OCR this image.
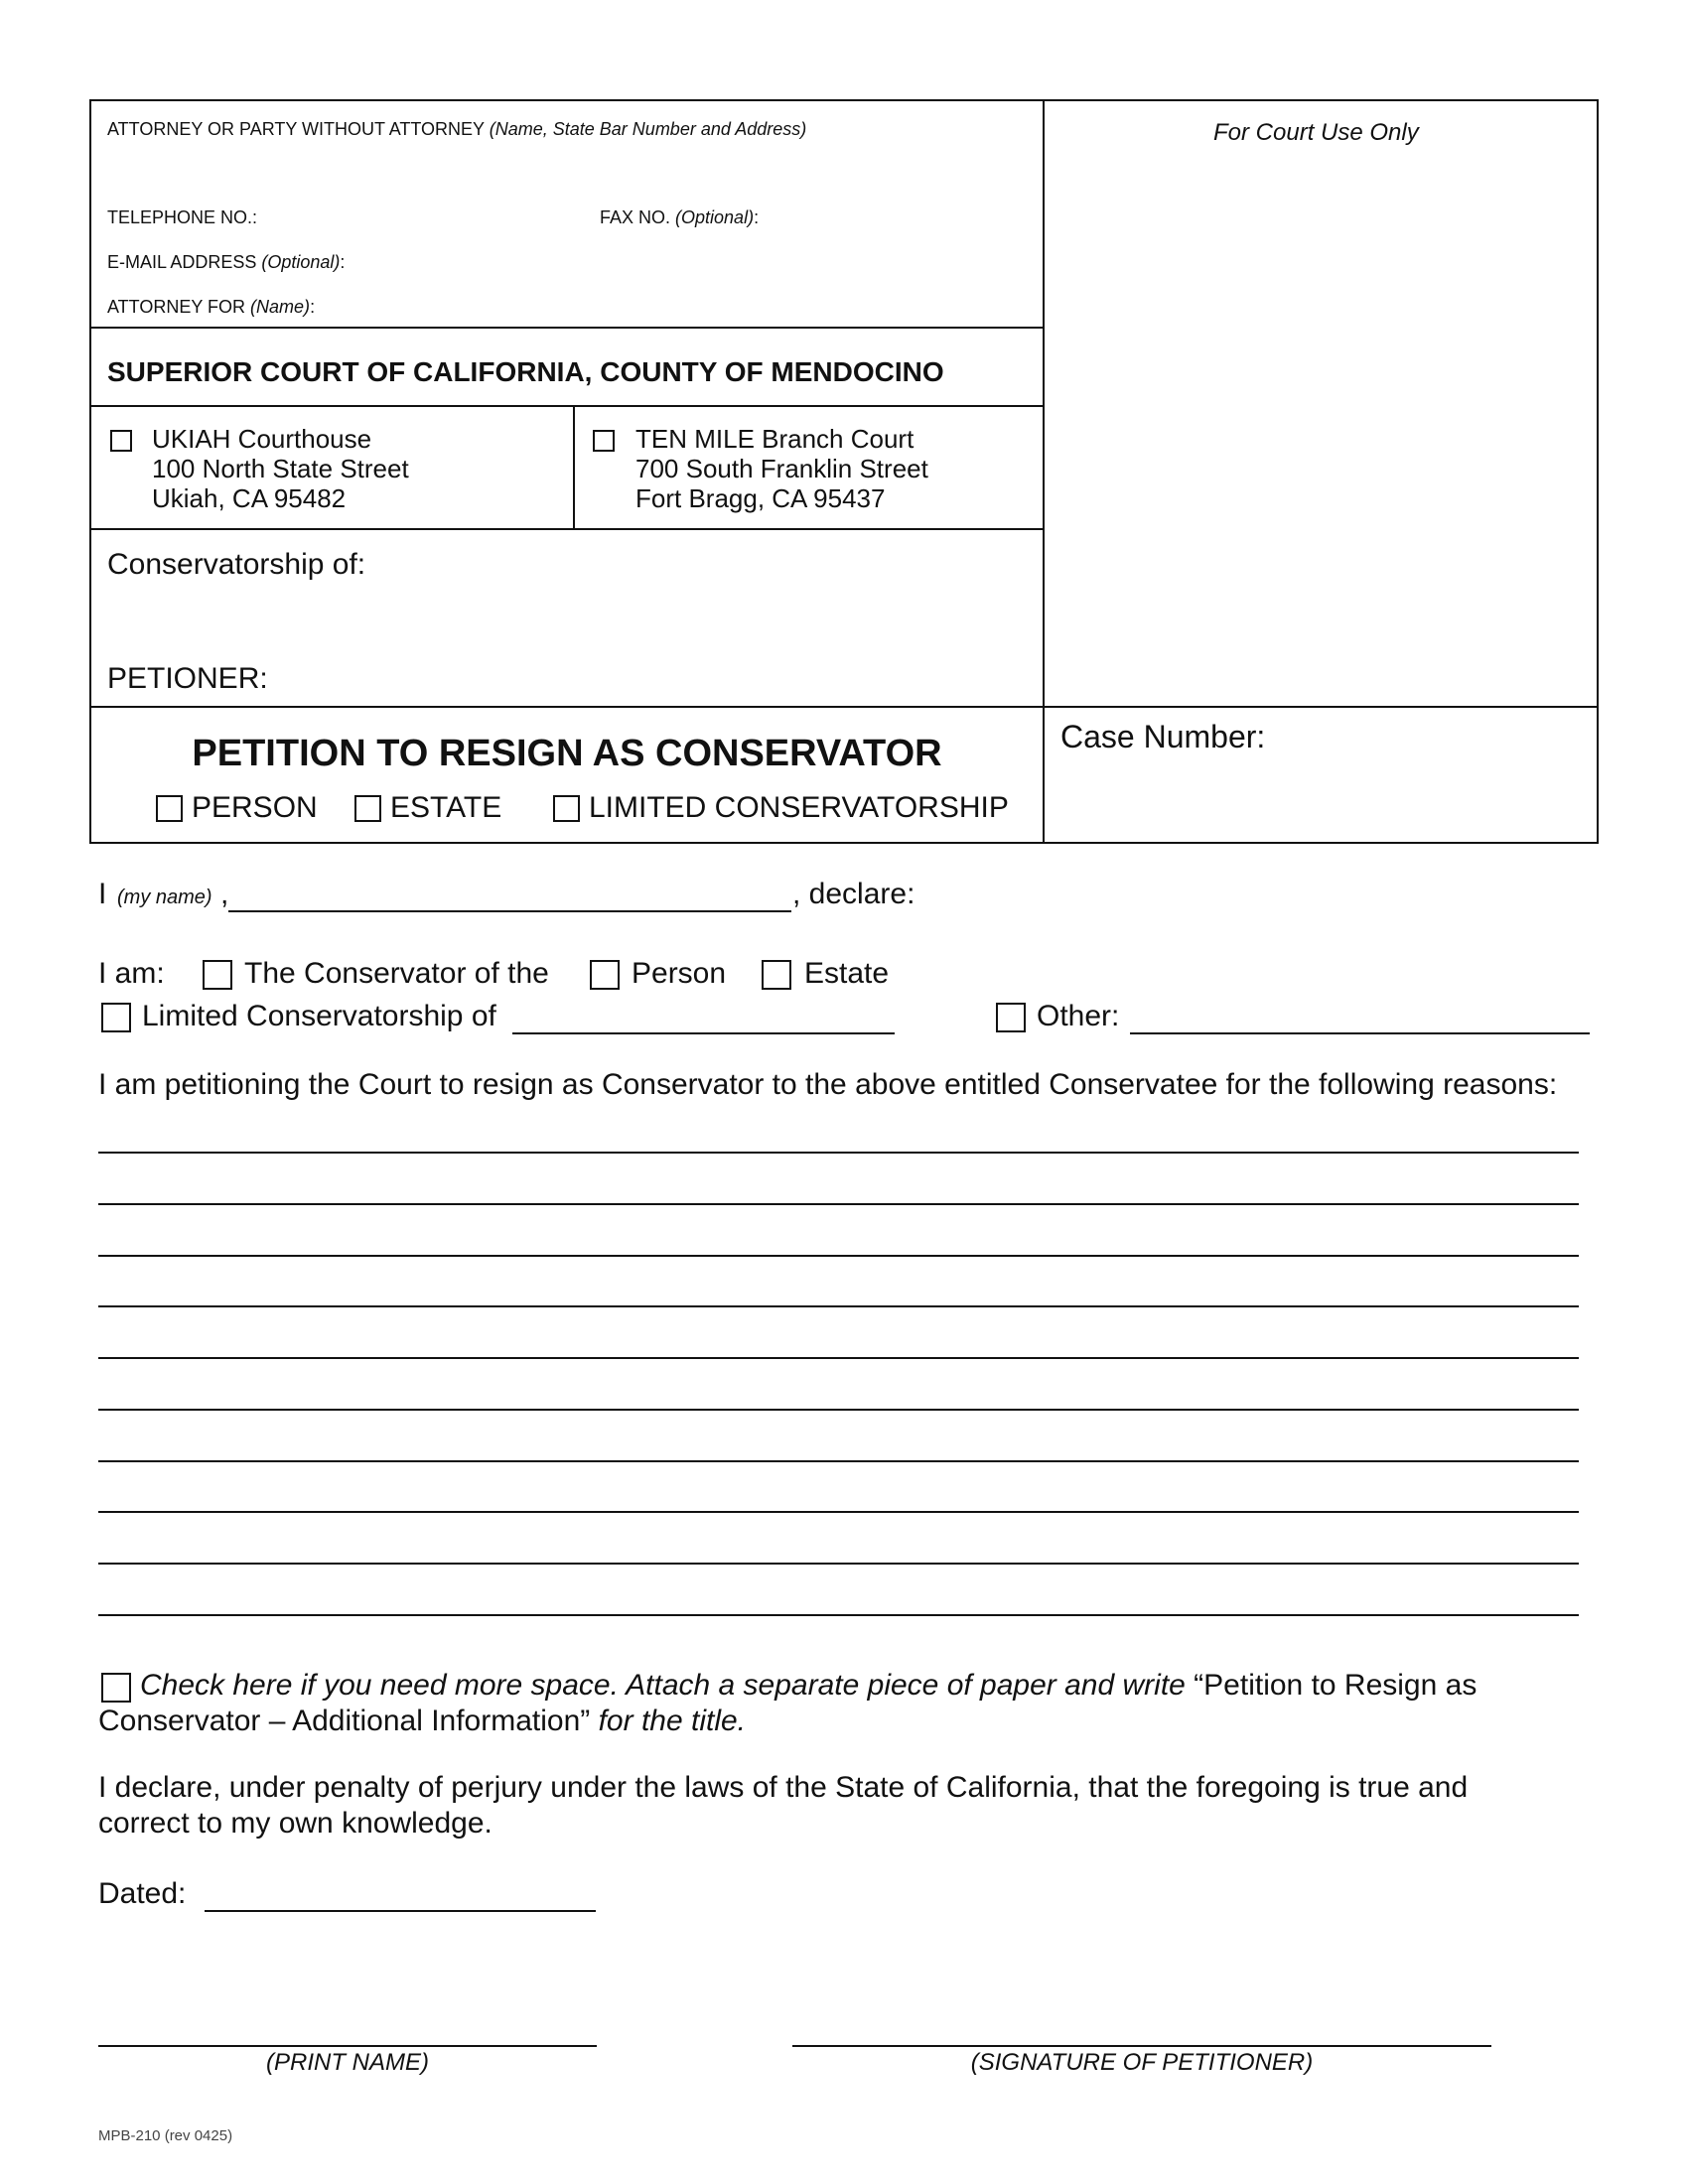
ATTORNEY OR PARTY WITHOUT ATTORNEY (Name, State Bar Number and Address)
TELEPHONE NO.:	FAX NO. (Optional):
E-MAIL ADDRESS (Optional):
ATTORNEY FOR (Name):
For Court Use Only
SUPERIOR COURT OF CALIFORNIA, COUNTY OF MENDOCINO
UKIAH Courthouse
100 North State Street
Ukiah, CA 95482
TEN MILE Branch Court
700 South Franklin Street
Fort Bragg, CA 95437
Conservatorship of:
PETIONER:
Case Number:
PETITION TO RESIGN AS CONSERVATOR
PERSON ESTATE	LIMITED CONSERVATORSHIP
I (my name) ,	, declare:
I am:	The Conservator of the	Person	Estate
Limited Conservatorship of	Other:
I am petitioning the Court to resign as Conservator to the above entitled Conservatee for the following reasons:
Check here if you need more space. Attach a separate piece of paper and write “Petition to Resign as
Conservator – Additional Information” for the title.
I declare, under penalty of perjury under the laws of the State of California, that the foregoing is true and
correct to my own knowledge.
Dated:
(PRINT NAME)	(SIGNATURE OF PETITIONER)
MPB-210 (rev 0425)
